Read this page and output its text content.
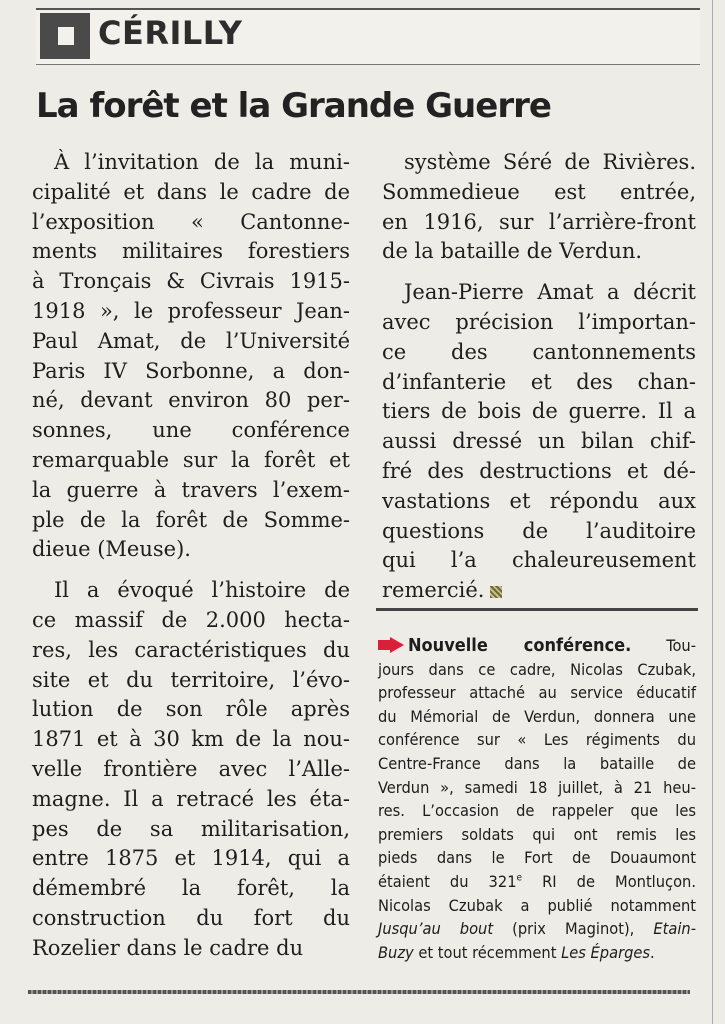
CÉRILLY
La forêt et la Grande Guerre
À l’invitation de la muni-
cipalité et dans le cadre de
l’exposition « Cantonne-
ments militaires forestiers
à Tronçais & Civrais 1915-
1918 », le professeur Jean-
Paul Amat, de l’Université
Paris IV Sorbonne, a don-
né, devant environ 80 per-
sonnes, une conférence
remarquable sur la forêt et
la guerre à travers l’exem-
ple de la forêt de Somme-
dieue (Meuse).
Il a évoqué l’histoire de
ce massif de 2.000 hecta-
res, les caractéristiques du
site et du territoire, l’évo-
lution de son rôle après
1871 et à 30 km de la nou-
velle frontière avec l’Alle-
magne. Il a retracé les éta-
pes de sa militarisation,
entre 1875 et 1914, qui a
démembré la forêt, la
construction du fort du
Rozelier dans le cadre du
système Séré de Rivières.
Sommedieue est entrée,
en 1916, sur l’arrière-front
de la bataille de Verdun.
Jean-Pierre Amat a décrit
avec précision l’importan-
ce des cantonnements
d’infanterie et des chan-
tiers de bois de guerre. Il a
aussi dressé un bilan chif-
fré des destructions et dé-
vastations et répondu aux
questions de l’auditoire
qui l’a chaleureusement
remercié.
Nouvelle conférence. Tou-
jours dans ce cadre, Nicolas Czubak,
professeur attaché au service éducatif
du Mémorial de Verdun, donnera une
conférence sur « Les régiments du
Centre-France dans la bataille de
Verdun », samedi 18 juillet, à 21 heu-
res. L’occasion de rappeler que les
premiers soldats qui ont remis les
pieds dans le Fort de Douaumont
étaient du 321e RI de Montluçon.
Nicolas Czubak a publié notamment
Jusqu’au bout (prix Maginot), Etain-
Buzy et tout récemment Les Éparges.
